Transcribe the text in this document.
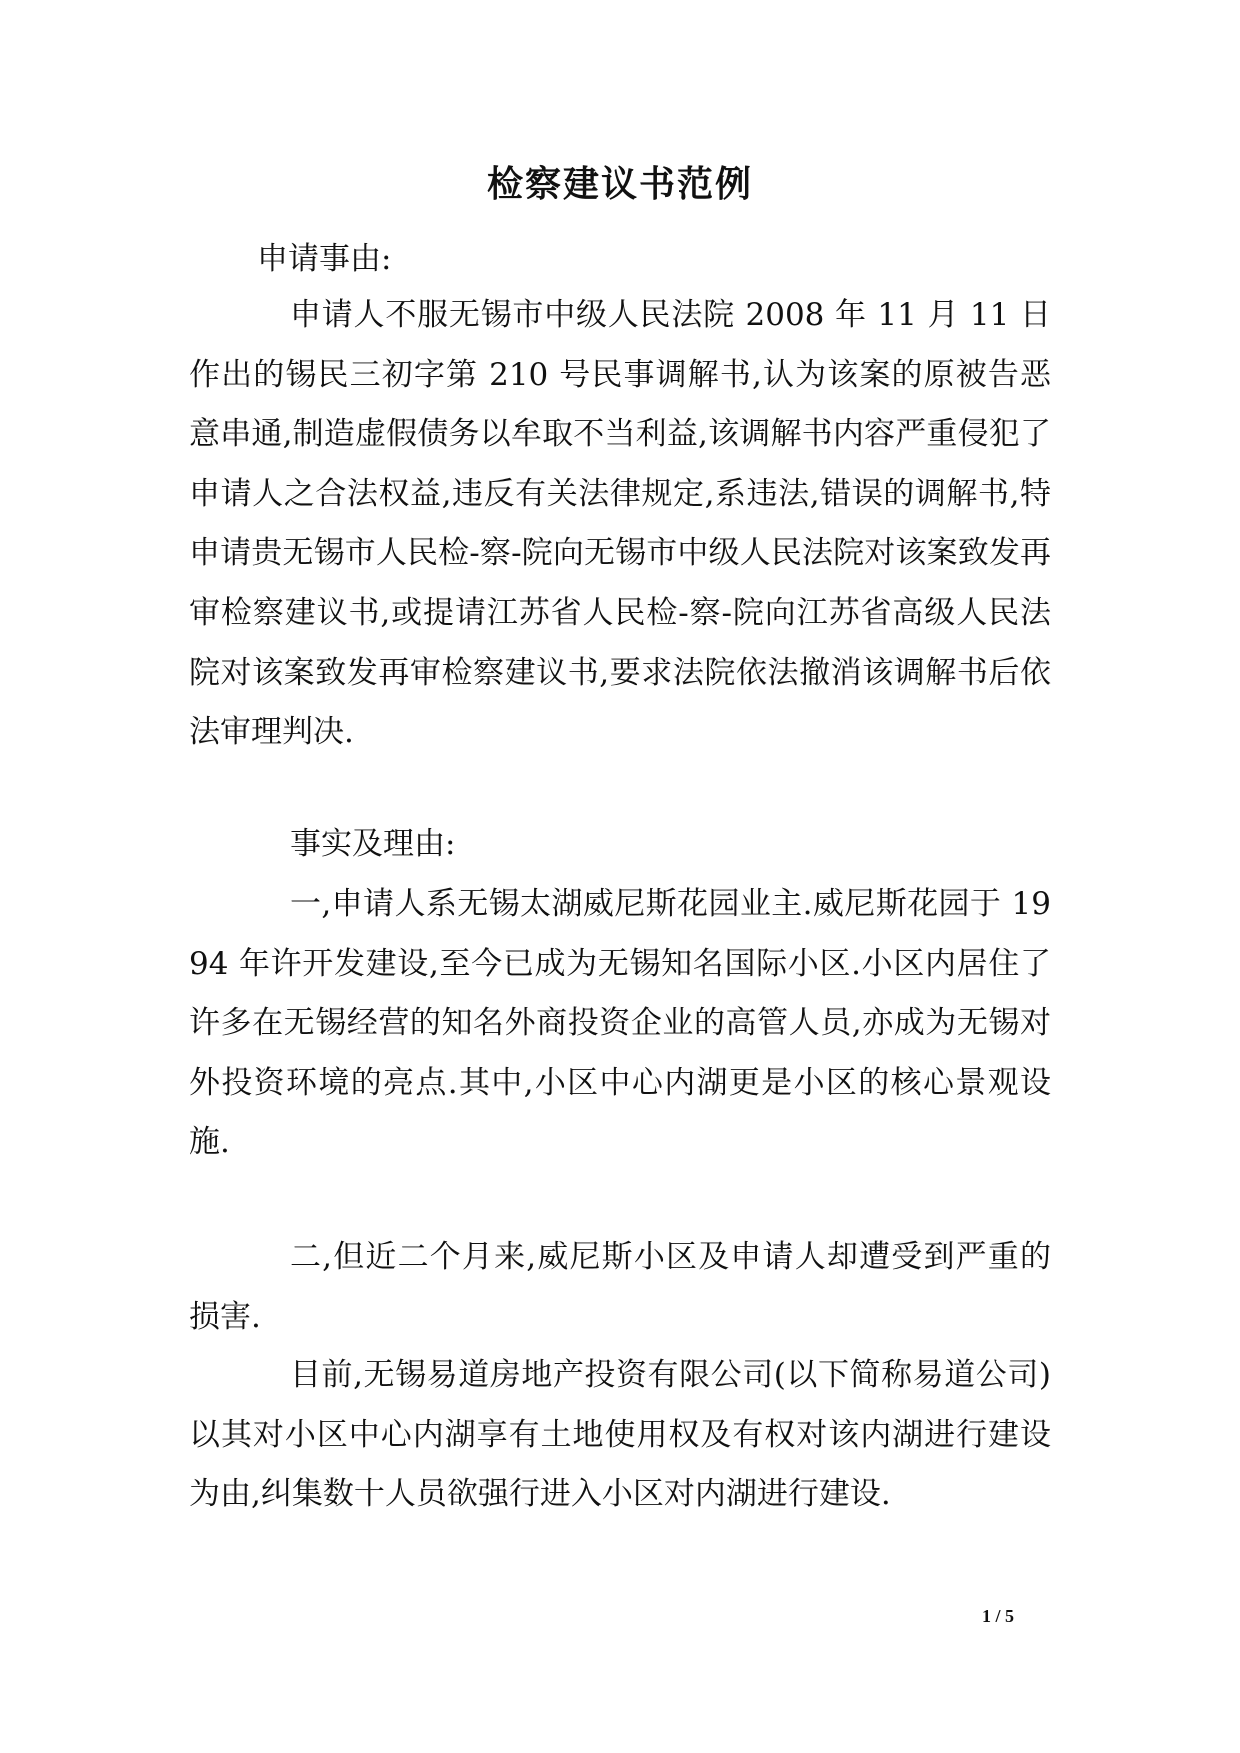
检察建议书范例

申请事由:

申请人不服无锡市中级人民法院 2008 年 11 月 11 日作出的锡民三初字第 210 号民事调解书,认为该案的原被告恶意串通,制造虚假债务以牟取不当利益,该调解书内容严重侵犯了申请人之合法权益,违反有关法律规定,系违法,错误的调解书,特申请贵无锡市人民检-察-院向无锡市中级人民法院对该案致发再审检察建议书,或提请江苏省人民检-察-院向江苏省高级人民法院对该案致发再审检察建议书,要求法院依法撤消该调解书后依法审理判决.

事实及理由:

一,申请人系无锡太湖威尼斯花园业主.威尼斯花园于 1994 年许开发建设,至今已成为无锡知名国际小区.小区内居住了许多在无锡经营的知名外商投资企业的高管人员,亦成为无锡对外投资环境的亮点.其中,小区中心内湖更是小区的核心景观设施.

二,但近二个月来,威尼斯小区及申请人却遭受到严重的损害.

目前,无锡易道房地产投资有限公司(以下简称易道公司)以其对小区中心内湖享有土地使用权及有权对该内湖进行建设为由,纠集数十人员欲强行进入小区对内湖进行建设.

1 / 5
